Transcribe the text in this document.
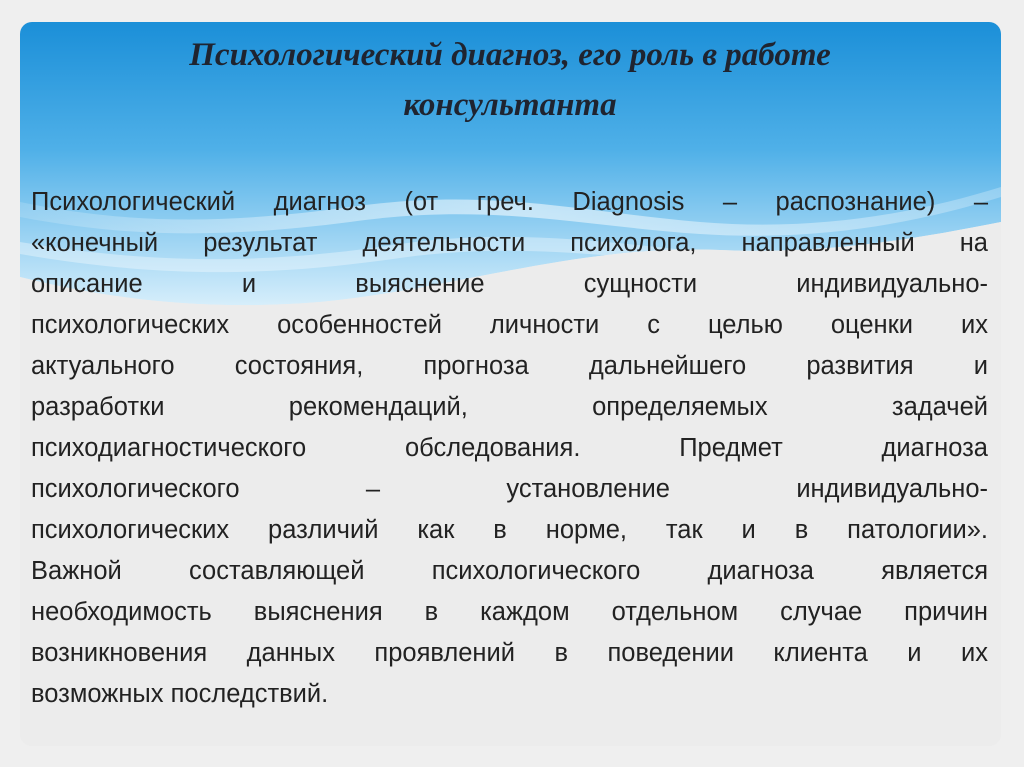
Психологический диагноз, его роль в работе консультанта
Психологический диагноз (от греч. Diagnosis – распознание) –
«конечный результат деятельности психолога, направленный на
описание и выяснение сущности индивидуально-
психологических особенностей личности с целью оценки их
актуального состояния, прогноза дальнейшего развития и
разработки рекомендаций, определяемых задачей
психодиагностического обследования. Предмет диагноза
психологического – установление индивидуально-
психологических различий как в норме, так и в патологии».
Важной составляющей психологического диагноза является
необходимость выяснения в каждом отдельном случае причин
возникновения данных проявлений в поведении клиента и их
возможных последствий.
